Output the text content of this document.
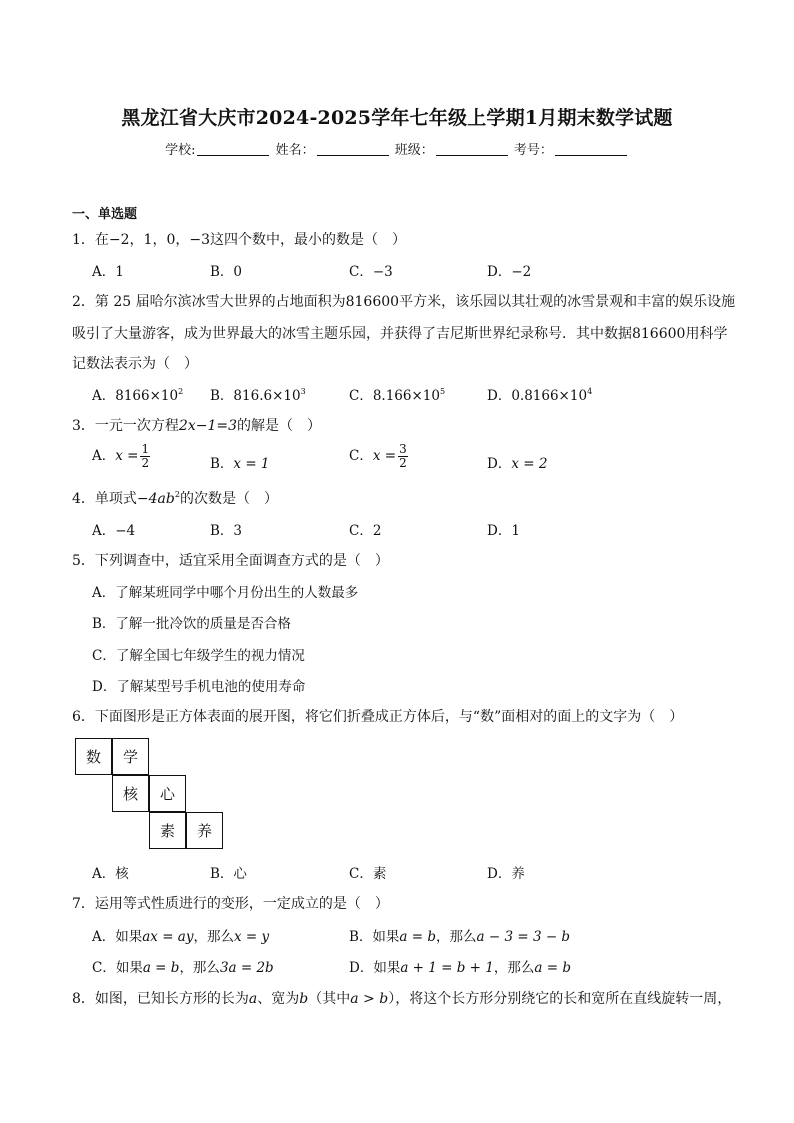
黑龙江省大庆市2024-2025学年七年级上学期1月期末数学试题
学校:	姓名：	班级：	考号：
一、单选题
1．在−2，1，0，−3这四个数中，最小的数是（　）
A．1	B．0	C．−3	D．−2
2．第 25 届哈尔滨冰雪大世界的占地面积为816600平方米，该乐园以其壮观的冰雪景观和丰富的娱乐设施
吸引了大量游客，成为世界最大的冰雪主题乐园，并获得了吉尼斯世界纪录称号．其中数据816600用科学
记数法表示为（　）
A．$8166\times 10^2$ B．$816.6\times 10^3$	C．$8.166\times 10^5$	D．$0.8166\times 10^4$
3．一元一次方程2x−1=3的解是（　）
A．$x = \frac{1}{2}$	B．x = 1	C．$x = \frac{3}{2}$	D．x = 2
4．单项式$-4ab^2$的次数是（　）
A．−4	B．3	C．2	D．1
5．下列调查中，适宜采用全面调查方式的是（　）
A．了解某班同学中哪个月份出生的人数最多
B．了解一批冷饮的质量是否合格
C．了解全国七年级学生的视力情况
D．了解某型号手机电池的使用寿命
6．下面图形是正方体表面的展开图，将它们折叠成正方体后，与“数”面相对的面上的文字为（　）
数	学
核	心
素	养
A．核	B．心	C．素	D．养
7．运用等式性质进行的变形，一定成立的是（　）
A．如果ax = ay，那么x = y	B．如果a = b，那么a − 3 = 3 − b
C．如果a = b，那么3a = 2b	D．如果a + 1 = b + 1，那么a = b
8．如图，已知长方形的长为a、宽为b（其中a > b），将这个长方形分别绕它的长和宽所在直线旋转一周，
